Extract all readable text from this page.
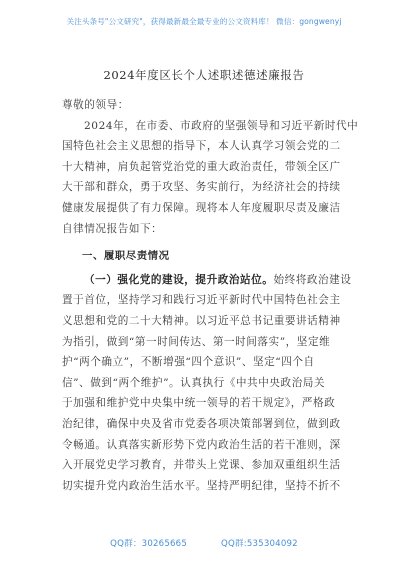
关注头条号"公文研究"，获得最新最全最专业的公文资料库！ 微信：gongwenyj
2024年度区长个人述职述德述廉报告

尊敬的领导：

2024年，在市委、市政府的坚强领导和习近平新时代中

国特色社会主义思想的指导下，本人认真学习领会党的二

十大精神，肩负起管党治党的重大政治责任，带领全区广

大干部和群众，勇于攻坚、务实前行，为经济社会的持续

健康发展提供了有力保障。现将本人年度履职尽责及廉洁

自律情况报告如下：

一、履职尽责情况

（一）强化党的建设，提升政治站位。始终将政治建设

置于首位，坚持学习和践行习近平新时代中国特色社会主

义思想和党的二十大精神。以习近平总书记重要讲话精神

为指引，做到“第一时间传达、第一时间落实”，坚定维

护“两个确立”，不断增强“四个意识”、坚定“四个自

信”、做到“两个维护”。认真执行《中共中央政治局关

于加强和维护党中央集中统一领导的若干规定》，严格政

治纪律，确保中央及省市党委各项决策部署到位，做到政

令畅通。认真落实新形势下党内政治生活的若干准则，深

入开展党史学习教育，并带头上党课、参加双重组织生活

切实提升党内政治生活水平。坚持严明纪律，坚持不折不

QQ群：30265665	QQ群:535304092
